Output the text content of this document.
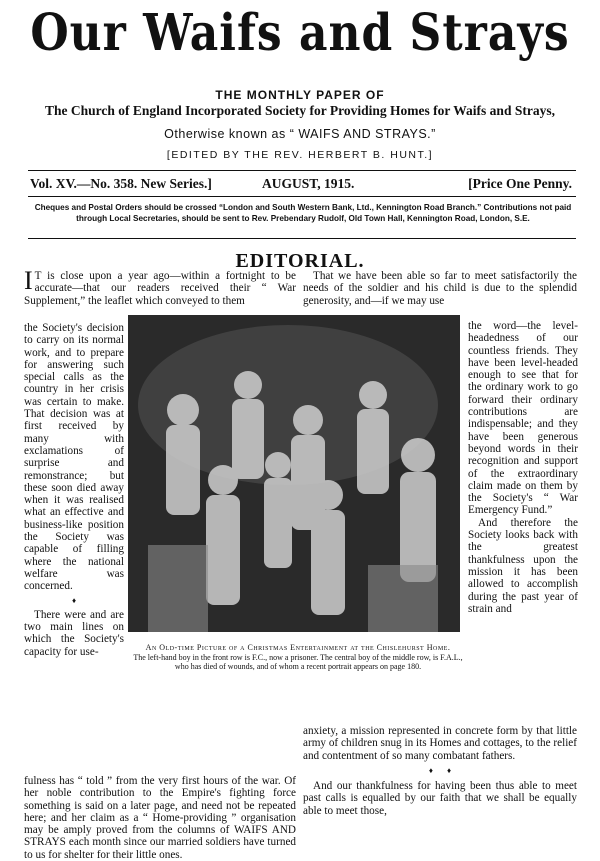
Our Waifs and Strays
THE MONTHLY PAPER OF
The Church of England Incorporated Society for Providing Homes for Waifs and Strays,
Otherwise known as “ WAIFS AND STRAYS.”
[EDITED BY THE REV. HERBERT B. HUNT.]
Vol. XV.—No. 358. New Series.]	AUGUST, 1915.	[Price One Penny.
Cheques and Postal Orders should be crossed “London and South Western Bank, Ltd., Kennington Road Branch.” Contributions not paid through Local Secretaries, should be sent to Rev. Prebendary Rudolf, Old Town Hall, Kennington Road, London, S.E.
EDITORIAL.
I T is close upon a year ago—within a fortnight to be accurate—that our readers received their “ War Supplement,” the leaflet which conveyed to them

the Society's decision to carry on its normal work, and to prepare for answering such special calls as the country in her crisis was certain to make. That decision was at first received by many with exclamations of surprise and remonstrance; but these soon died away when it was realised what an effective and business-like position the Society was capable of filling where the national welfare was concerned.

♦

There were and are two main lines on which the Society's capacity for use-	An Old-time Picture of a Christmas Entertainment at the Chislehurst Home.
The left-hand boy in the front row is F.C., now a prisoner. The central boy of the middle row, is F.A.L., who has died of wounds, and of whom a recent portrait appears on page 180.

fulness has “ told ” from the very first hours of the war. Of her noble contribution to the Empire's fighting force something is said on a later page, and need not be repeated here; and her claim as a “ Home-providing ” organisation may be amply proved from the columns of WAIFS AND STRAYS each month since our married soldiers have turned to us for shelter for their little ones.

That we have been able so far to meet satisfactorily the needs of the soldier and his child is due to the splendid generosity, and—if we may use

the word—the level-headedness of our countless friends. They have been level-headed enough to see that for the ordinary work to go forward their ordinary contributions are indispensable; and they have been generous beyond words in their recognition and support of the extraordinary claim made on them by the Society's “ War Emergency Fund.”

And therefore the Society looks back with the greatest thankfulness upon the mission it has been allowed to accomplish during the past year of strain and

anxiety, a mission represented in concrete form by that little army of children snug in its Homes and cottages, to the relief and contentment of so many combatant fathers.

♦       ♦

And our thankfulness for having been thus able to meet past calls is equalled by our faith that we shall be equally able to meet those,
